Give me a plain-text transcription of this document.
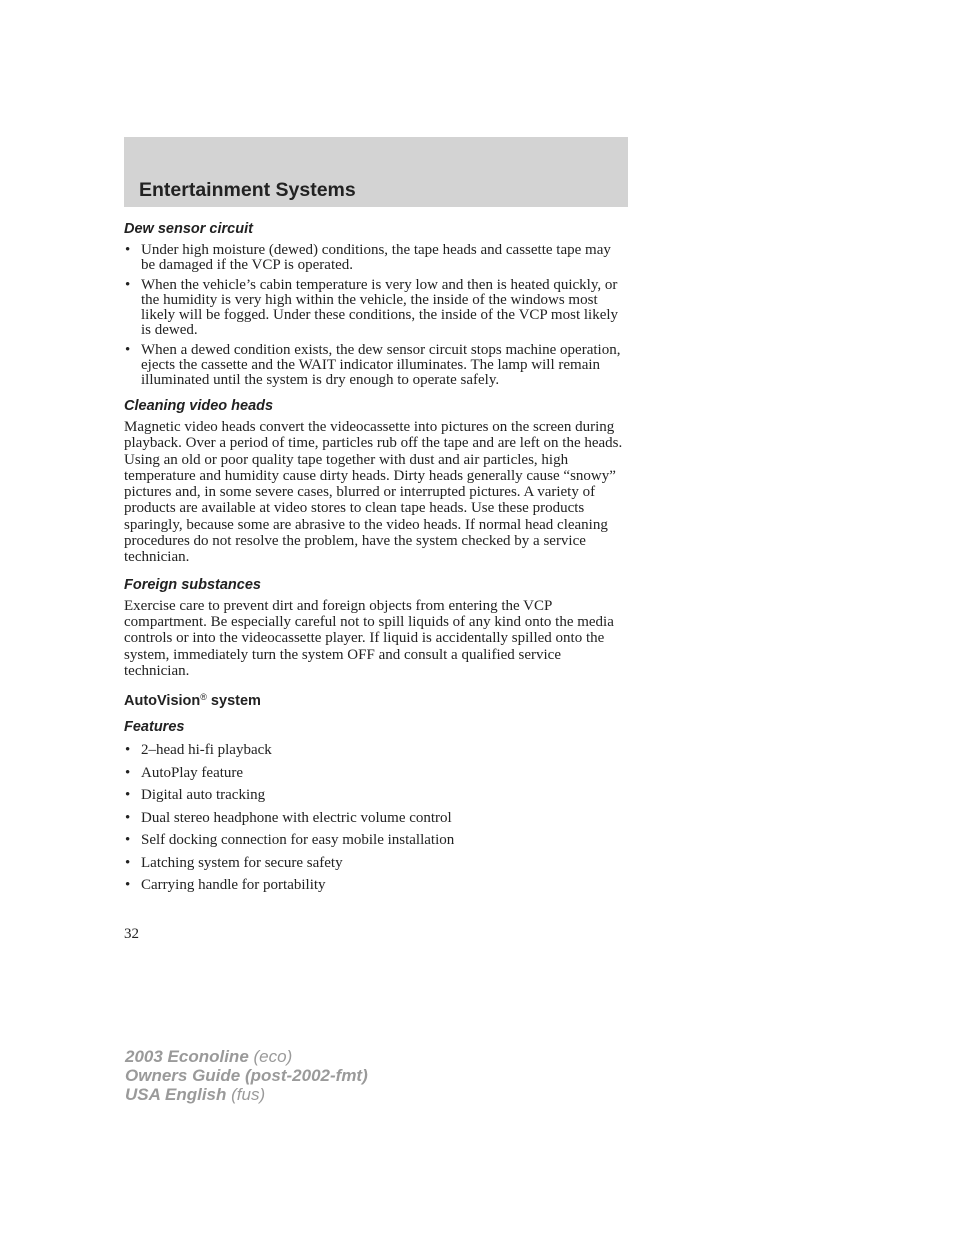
Entertainment Systems
Dew sensor circuit
• Under high moisture (dewed) conditions, the tape heads and cassette tape may be damaged if the VCP is operated.
• When the vehicle’s cabin temperature is very low and then is heated quickly, or the humidity is very high within the vehicle, the inside of the windows most likely will be fogged. Under these conditions, the inside of the VCP most likely is dewed.
• When a dewed condition exists, the dew sensor circuit stops machine operation, ejects the cassette and the WAIT indicator illuminates. The lamp will remain illuminated until the system is dry enough to operate safely.
Cleaning video heads

Magnetic video heads convert the videocassette into pictures on the screen during playback. Over a period of time, particles rub off the tape and are left on the heads. Using an old or poor quality tape together with dust and air particles, high temperature and humidity cause dirty heads. Dirty heads generally cause “snowy” pictures and, in some severe cases, blurred or interrupted pictures. A variety of products are available at video stores to clean tape heads. Use these products sparingly, because some are abrasive to the video heads. If normal head cleaning procedures do not resolve the problem, have the system checked by a service technician.

Foreign substances

Exercise care to prevent dirt and foreign objects from entering the VCP compartment. Be especially careful not to spill liquids of any kind onto the media controls or into the videocassette player. If liquid is accidentally spilled onto the system, immediately turn the system OFF and consult a qualified service technician.

AutoVision® system
Features
• 2–head hi-fi playback
• AutoPlay feature
• Digital auto tracking
• Dual stereo headphone with electric volume control
• Self docking connection for easy mobile installation
• Latching system for secure safety
• Carrying handle for portability

32

2003 Econoline (eco)
Owners Guide (post-2002-fmt)
USA English (fus)
